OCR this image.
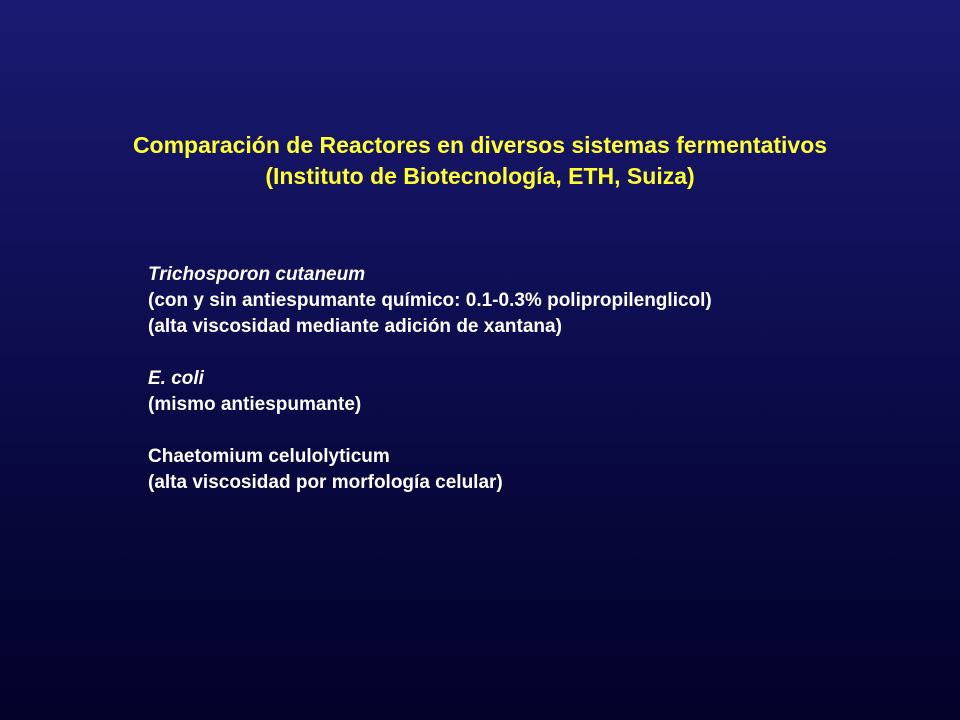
Comparación de Reactores en diversos sistemas fermentativos
(Instituto de Biotecnología, ETH, Suiza)
Trichosporon cutaneum
(con y sin antiespumante químico: 0.1-0.3% polipropilenglicol)
(alta viscosidad mediante adición de xantana)
E. coli
(mismo antiespumante)
Chaetomium celulolyticum
(alta viscosidad por morfología celular)
